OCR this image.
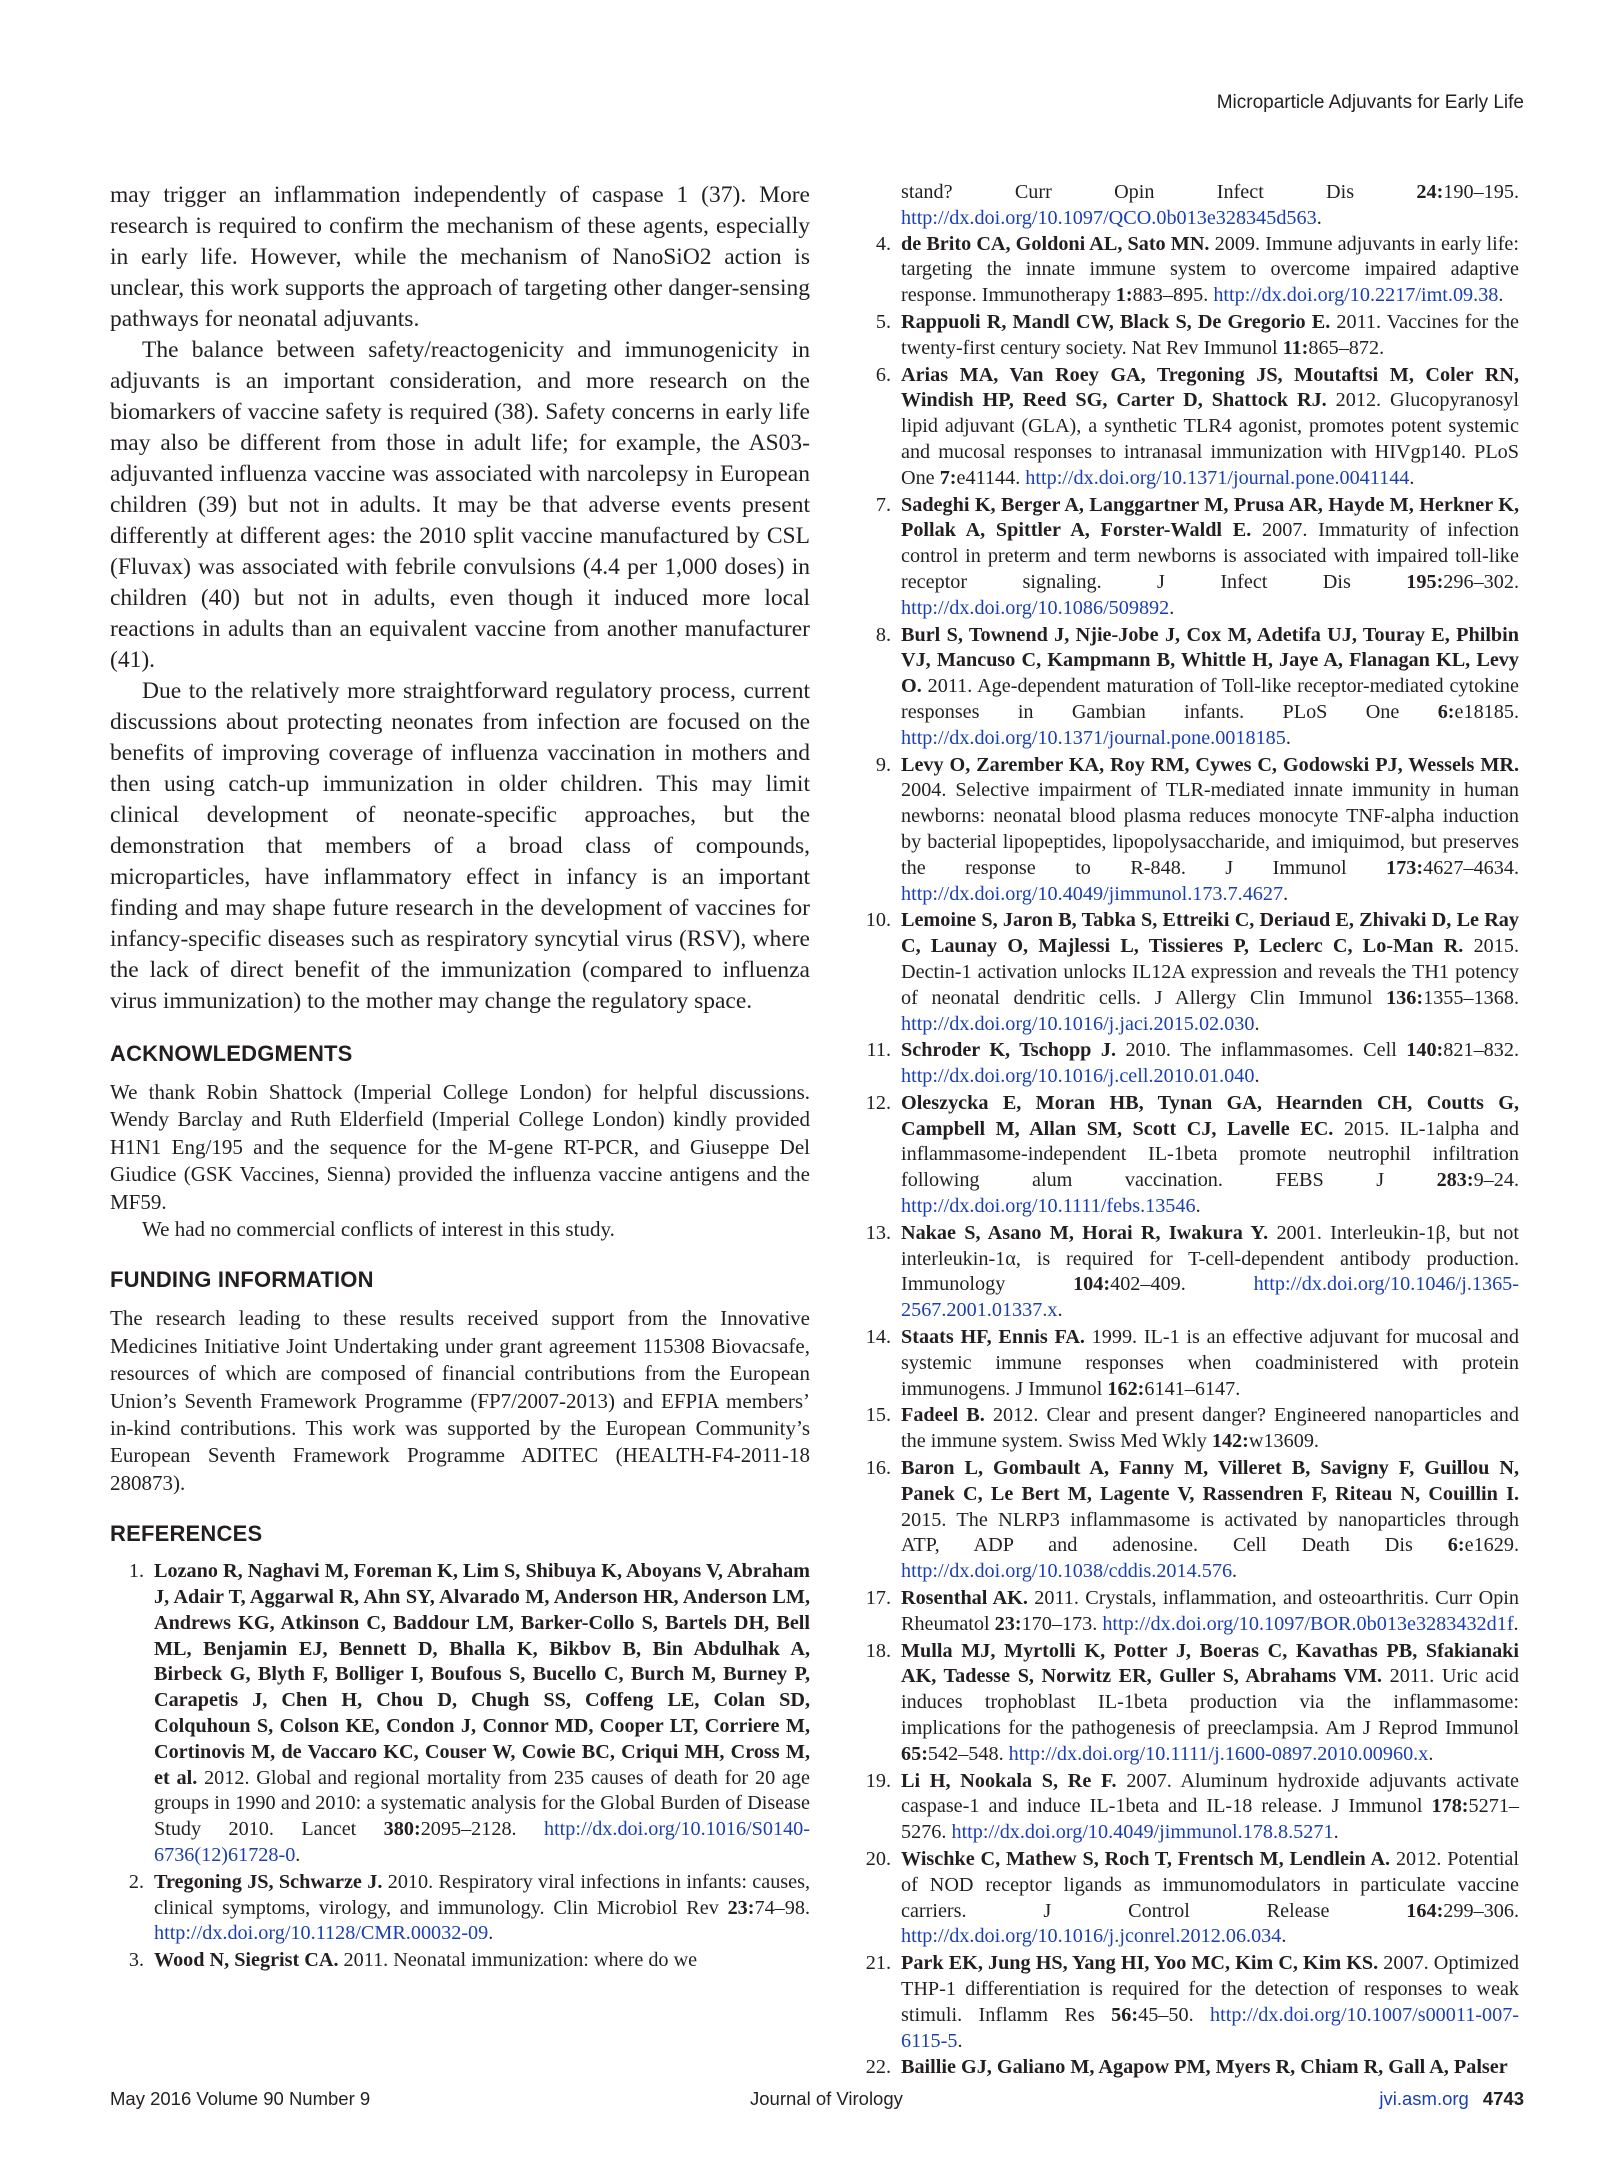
Microparticle Adjuvants for Early Life

may trigger an inflammation independently of caspase 1 (37). More research is required to confirm the mechanism of these agents, especially in early life. However, while the mechanism of NanoSiO2 action is unclear, this work supports the approach of targeting other danger-sensing pathways for neonatal adjuvants.

The balance between safety/reactogenicity and immunogenicity in adjuvants is an important consideration, and more research on the biomarkers of vaccine safety is required (38). Safety concerns in early life may also be different from those in adult life; for example, the AS03-adjuvanted influenza vaccine was associated with narcolepsy in European children (39) but not in adults. It may be that adverse events present differently at different ages: the 2010 split vaccine manufactured by CSL (Fluvax) was associated with febrile convulsions (4.4 per 1,000 doses) in children (40) but not in adults, even though it induced more local reactions in adults than an equivalent vaccine from another manufacturer (41).

Due to the relatively more straightforward regulatory process, current discussions about protecting neonates from infection are focused on the benefits of improving coverage of influenza vaccination in mothers and then using catch-up immunization in older children. This may limit clinical development of neonate-specific approaches, but the demonstration that members of a broad class of compounds, microparticles, have inflammatory effect in infancy is an important finding and may shape future research in the development of vaccines for infancy-specific diseases such as respiratory syncytial virus (RSV), where the lack of direct benefit of the immunization (compared to influenza virus immunization) to the mother may change the regulatory space.

ACKNOWLEDGMENTS

We thank Robin Shattock (Imperial College London) for helpful discussions. Wendy Barclay and Ruth Elderfield (Imperial College London) kindly provided H1N1 Eng/195 and the sequence for the M-gene RT-PCR, and Giuseppe Del Giudice (GSK Vaccines, Sienna) provided the influenza vaccine antigens and the MF59.

We had no commercial conflicts of interest in this study.

FUNDING INFORMATION

The research leading to these results received support from the Innovative Medicines Initiative Joint Undertaking under grant agreement 115308 Biovacsafe, resources of which are composed of financial contributions from the European Union’s Seventh Framework Programme (FP7/2007-2013) and EFPIA members’ in-kind contributions. This work was supported by the European Community’s European Seventh Framework Programme ADITEC (HEALTH-F4-2011-18 280873).

REFERENCES
1. Lozano R, Naghavi M, Foreman K, Lim S, Shibuya K, Aboyans V, Abraham J, Adair T, Aggarwal R, Ahn SY, Alvarado M, Anderson HR, Anderson LM, Andrews KG, Atkinson C, Baddour LM, Barker-Collo S, Bartels DH, Bell ML, Benjamin EJ, Bennett D, Bhalla K, Bikbov B, Bin Abdulhak A, Birbeck G, Blyth F, Bolliger I, Boufous S, Bucello C, Burch M, Burney P, Carapetis J, Chen H, Chou D, Chugh SS, Coffeng LE, Colan SD, Colquhoun S, Colson KE, Condon J, Connor MD, Cooper LT, Corriere M, Cortinovis M, de Vaccaro KC, Couser W, Cowie BC, Criqui MH, Cross M, et al. 2012. Global and regional mortality from 235 causes of death for 20 age groups in 1990 and 2010: a systematic analysis for the Global Burden of Disease Study 2010. Lancet 380:2095–2128. http://dx.doi.org/10.1016/S0140-6736(12)61728-0.
2. Tregoning JS, Schwarze J. 2010. Respiratory viral infections in infants: causes, clinical symptoms, virology, and immunology. Clin Microbiol Rev 23:74–98. http://dx.doi.org/10.1128/CMR.00032-09.
3. Wood N, Siegrist CA. 2011. Neonatal immunization: where do we
stand? Curr Opin Infect Dis 24:190–195. http://dx.doi.org/10.1097/QCO.0b013e328345d563.
4. de Brito CA, Goldoni AL, Sato MN. 2009. Immune adjuvants in early life: targeting the innate immune system to overcome impaired adaptive response. Immunotherapy 1:883–895. http://dx.doi.org/10.2217/imt.09.38.
5. Rappuoli R, Mandl CW, Black S, De Gregorio E. 2011. Vaccines for the twenty-first century society. Nat Rev Immunol 11:865–872.
6. Arias MA, Van Roey GA, Tregoning JS, Moutaftsi M, Coler RN, Windish HP, Reed SG, Carter D, Shattock RJ. 2012. Glucopyranosyl lipid adjuvant (GLA), a synthetic TLR4 agonist, promotes potent systemic and mucosal responses to intranasal immunization with HIVgp140. PLoS One 7:e41144. http://dx.doi.org/10.1371/journal.pone.0041144.
7. Sadeghi K, Berger A, Langgartner M, Prusa AR, Hayde M, Herkner K, Pollak A, Spittler A, Forster-Waldl E. 2007. Immaturity of infection control in preterm and term newborns is associated with impaired toll-like receptor signaling. J Infect Dis 195:296–302. http://dx.doi.org/10.1086/509892.
8. Burl S, Townend J, Njie-Jobe J, Cox M, Adetifa UJ, Touray E, Philbin VJ, Mancuso C, Kampmann B, Whittle H, Jaye A, Flanagan KL, Levy O. 2011. Age-dependent maturation of Toll-like receptor-mediated cytokine responses in Gambian infants. PLoS One 6:e18185. http://dx.doi.org/10.1371/journal.pone.0018185.
9. Levy O, Zarember KA, Roy RM, Cywes C, Godowski PJ, Wessels MR. 2004. Selective impairment of TLR-mediated innate immunity in human newborns: neonatal blood plasma reduces monocyte TNF-alpha induction by bacterial lipopeptides, lipopolysaccharide, and imiquimod, but preserves the response to R-848. J Immunol 173:4627–4634. http://dx.doi.org/10.4049/jimmunol.173.7.4627.
10. Lemoine S, Jaron B, Tabka S, Ettreiki C, Deriaud E, Zhivaki D, Le Ray C, Launay O, Majlessi L, Tissieres P, Leclerc C, Lo-Man R. 2015. Dectin-1 activation unlocks IL12A expression and reveals the TH1 potency of neonatal dendritic cells. J Allergy Clin Immunol 136:1355–1368. http://dx.doi.org/10.1016/j.jaci.2015.02.030.
11. Schroder K, Tschopp J. 2010. The inflammasomes. Cell 140:821–832. http://dx.doi.org/10.1016/j.cell.2010.01.040.
12. Oleszycka E, Moran HB, Tynan GA, Hearnden CH, Coutts G, Campbell M, Allan SM, Scott CJ, Lavelle EC. 2015. IL-1alpha and inflammasome-independent IL-1beta promote neutrophil infiltration following alum vaccination. FEBS J 283:9–24. http://dx.doi.org/10.1111/febs.13546.
13. Nakae S, Asano M, Horai R, Iwakura Y. 2001. Interleukin-1β, but not interleukin-1α, is required for T-cell-dependent antibody production. Immunology 104:402–409. http://dx.doi.org/10.1046/j.1365-2567.2001.01337.x.
14. Staats HF, Ennis FA. 1999. IL-1 is an effective adjuvant for mucosal and systemic immune responses when coadministered with protein immunogens. J Immunol 162:6141–6147.
15. Fadeel B. 2012. Clear and present danger? Engineered nanoparticles and the immune system. Swiss Med Wkly 142:w13609.
16. Baron L, Gombault A, Fanny M, Villeret B, Savigny F, Guillou N, Panek C, Le Bert M, Lagente V, Rassendren F, Riteau N, Couillin I. 2015. The NLRP3 inflammasome is activated by nanoparticles through ATP, ADP and adenosine. Cell Death Dis 6:e1629. http://dx.doi.org/10.1038/cddis.2014.576.
17. Rosenthal AK. 2011. Crystals, inflammation, and osteoarthritis. Curr Opin Rheumatol 23:170–173. http://dx.doi.org/10.1097/BOR.0b013e3283432d1f.
18. Mulla MJ, Myrtolli K, Potter J, Boeras C, Kavathas PB, Sfakianaki AK, Tadesse S, Norwitz ER, Guller S, Abrahams VM. 2011. Uric acid induces trophoblast IL-1beta production via the inflammasome: implications for the pathogenesis of preeclampsia. Am J Reprod Immunol 65:542–548. http://dx.doi.org/10.1111/j.1600-0897.2010.00960.x.
19. Li H, Nookala S, Re F. 2007. Aluminum hydroxide adjuvants activate caspase-1 and induce IL-1beta and IL-18 release. J Immunol 178:5271–5276. http://dx.doi.org/10.4049/jimmunol.178.8.5271.
20. Wischke C, Mathew S, Roch T, Frentsch M, Lendlein A. 2012. Potential of NOD receptor ligands as immunomodulators in particulate vaccine carriers. J Control Release 164:299–306. http://dx.doi.org/10.1016/j.jconrel.2012.06.034.
21. Park EK, Jung HS, Yang HI, Yoo MC, Kim C, Kim KS. 2007. Optimized THP-1 differentiation is required for the detection of responses to weak stimuli. Inflamm Res 56:45–50. http://dx.doi.org/10.1007/s00011-007-6115-5.
22. Baillie GJ, Galiano M, Agapow PM, Myers R, Chiam R, Gall A, Palser
May 2016 Volume 90 Number 9	Journal of Virology	jvi.asm.org 4743
